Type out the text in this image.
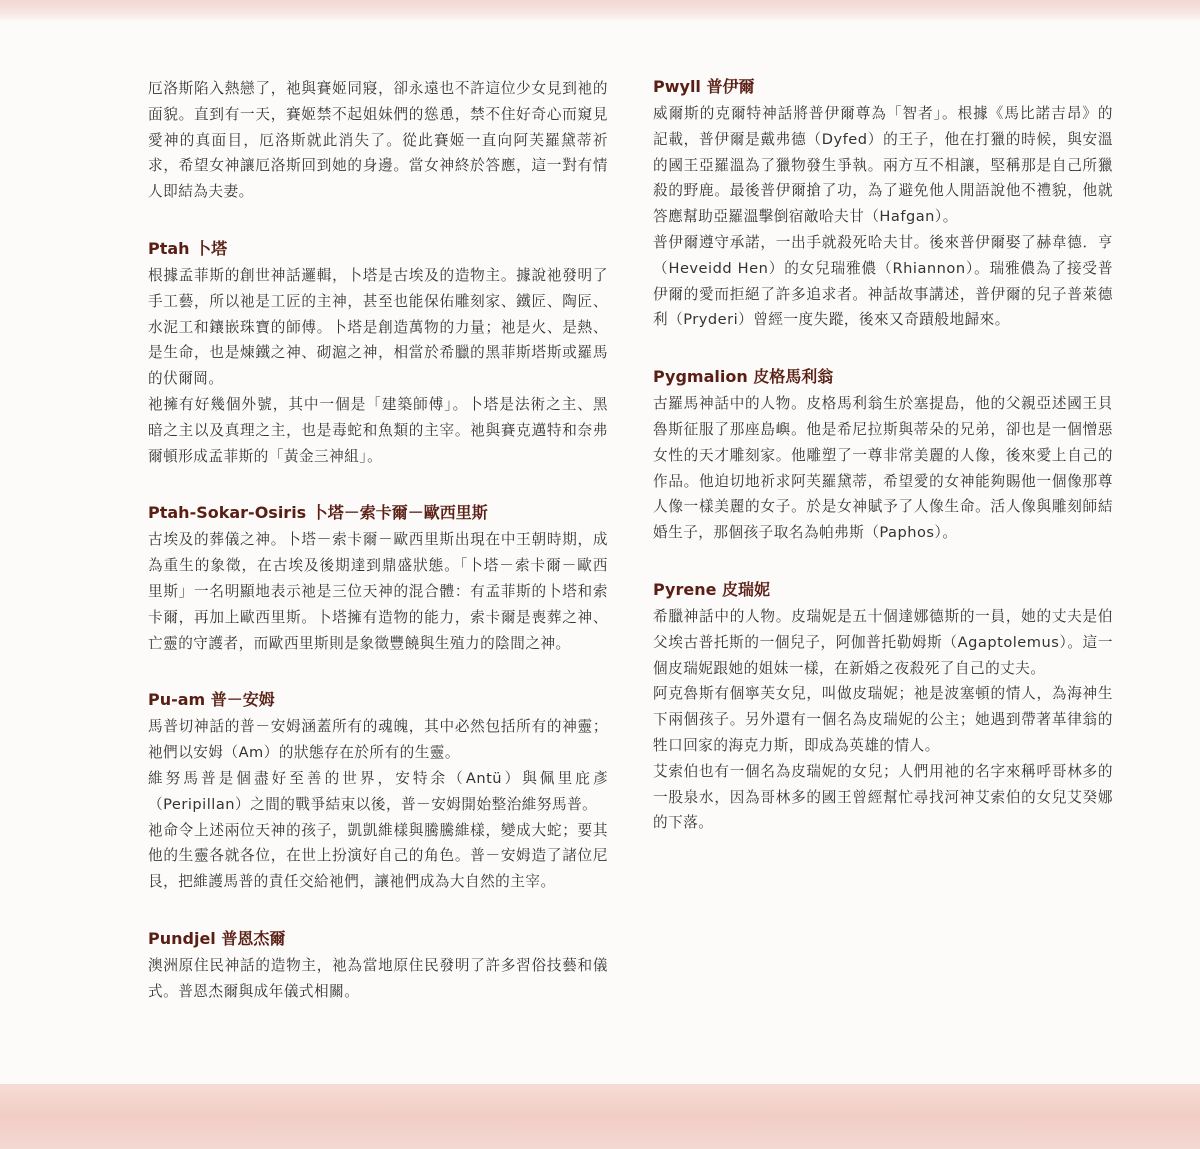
厄洛斯陷入熱戀了，祂與賽姬同寢，卻永遠也不許這位少女見到祂的面貌。直到有一天，賽姬禁不起姐妹們的慫恿，禁不住好奇心而窺見愛神的真面目，厄洛斯就此消失了。從此賽姬一直向阿芙羅黛蒂祈求，希望女神讓厄洛斯回到她的身邊。當女神終於答應，這一對有情人即結為夫妻。

Ptah 卜塔

根據孟菲斯的創世神話邏輯，卜塔是古埃及的造物主。據說祂發明了手工藝，所以祂是工匠的主神，甚至也能保佑雕刻家、鐵匠、陶匠、水泥工和鑲嵌珠寶的師傅。卜塔是創造萬物的力量；祂是火、是熱、是生命，也是煉鐵之神、砌滬之神，相當於希臘的黑菲斯塔斯或羅馬的伏爾岡。

祂擁有好幾個外號，其中一個是「建築師傅」。卜塔是法術之主、黑暗之主以及真理之主，也是毒蛇和魚類的主宰。祂與賽克邁特和奈弗爾頓形成孟菲斯的「黃金三神組」。

Ptah-Sokar-Osiris 卜塔－索卡爾－歐西里斯

古埃及的葬儀之神。卜塔－索卡爾－歐西里斯出現在中王朝時期，成為重生的象徵，在古埃及後期達到鼎盛狀態。「卜塔－索卡爾－歐西里斯」一名明顯地表示祂是三位天神的混合體：有孟菲斯的卜塔和索卡爾，再加上歐西里斯。卜塔擁有造物的能力，索卡爾是喪葬之神、亡靈的守護者，而歐西里斯則是象徵豐饒與生殖力的陰間之神。

Pu-am 普－安姆

馬普切神話的普－安姆涵蓋所有的魂魄，其中必然包括所有的神靈；祂們以安姆（Am）的狀態存在於所有的生靈。

維努馬普是個盡好至善的世界，安特余（Antü）與佩里庇彥（Peripillan）之間的戰爭結束以後，普－安姆開始整治維努馬普。

祂命令上述兩位天神的孩子，凱凱維樣與騰騰維樣，變成大蛇；要其他的生靈各就各位，在世上扮演好自己的角色。普－安姆造了諸位尼艮，把維護馬普的責任交給祂們，讓祂們成為大自然的主宰。

Pundjel 普恩杰爾

澳洲原住民神話的造物主，祂為當地原住民發明了許多習俗技藝和儀式。普恩杰爾與成年儀式相關。

Pwyll 普伊爾

威爾斯的克爾特神話將普伊爾尊為「智者」。根據《馬比諾吉昂》的記載，普伊爾是戴弗德（Dyfed）的王子，他在打獵的時候，與安溫的國王亞羅溫為了獵物發生爭執。兩方互不相讓，堅稱那是自己所獵殺的野鹿。最後普伊爾搶了功，為了避免他人閒語說他不禮貌，他就答應幫助亞羅溫擊倒宿敵哈夫甘（Hafgan）。

普伊爾遵守承諾，一出手就殺死哈夫甘。後來普伊爾娶了赫韋德．亨（Heveidd Hen）的女兒瑞雅儂（Rhiannon）。瑞雅儂為了接受普伊爾的愛而拒絕了許多追求者。神話故事講述，普伊爾的兒子普萊德利（Pryderi）曾經一度失蹤，後來又奇蹟般地歸來。

Pygmalion 皮格馬利翁

古羅馬神話中的人物。皮格馬利翁生於塞提島，他的父親亞述國王貝魯斯征服了那座島嶼。他是希尼拉斯與蒂朵的兄弟，卻也是一個憎惡女性的天才雕刻家。他雕塑了一尊非常美麗的人像，後來愛上自己的作品。他迫切地祈求阿芙羅黛蒂，希望愛的女神能夠賜他一個像那尊人像一樣美麗的女子。於是女神賦予了人像生命。活人像與雕刻師結婚生子，那個孩子取名為帕弗斯（Paphos）。

Pyrene 皮瑞妮

希臘神話中的人物。皮瑞妮是五十個達娜德斯的一員，她的丈夫是伯父埃古普托斯的一個兒子，阿伽普托勒姆斯（Agaptolemus）。這一個皮瑞妮跟她的姐妹一樣，在新婚之夜殺死了自己的丈夫。

阿克魯斯有個寧芙女兒，叫做皮瑞妮；祂是波塞頓的情人，為海神生下兩個孩子。另外還有一個名為皮瑞妮的公主；她遇到帶著革律翁的牲口回家的海克力斯，即成為英雄的情人。

艾索伯也有一個名為皮瑞妮的女兒；人們用祂的名字來稱呼哥林多的一股泉水，因為哥林多的國王曾經幫忙尋找河神艾索伯的女兒艾癸娜的下落。
